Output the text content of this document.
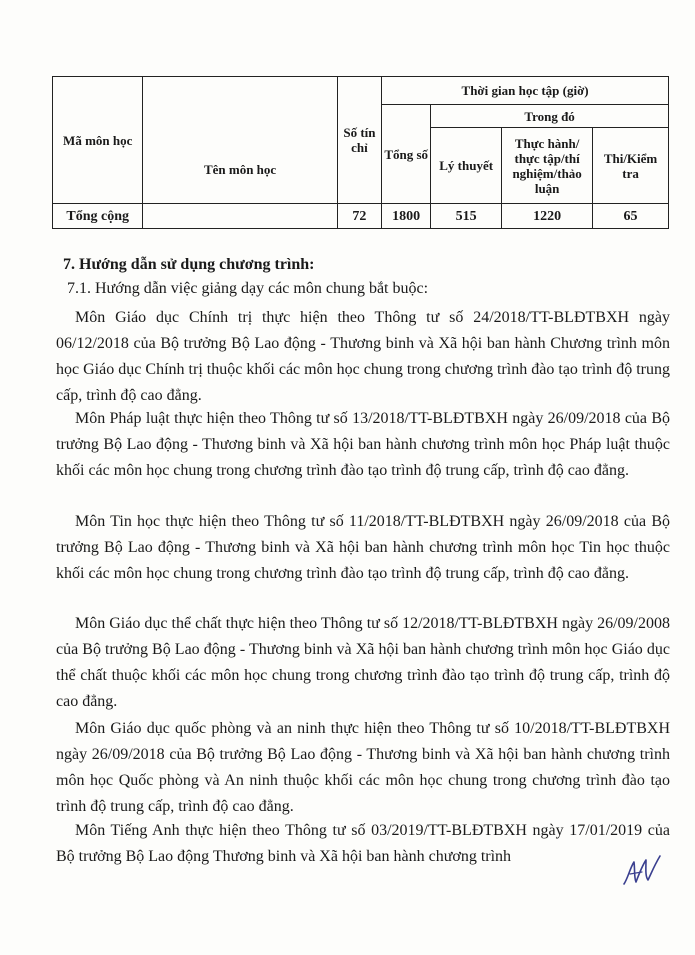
Mã môn học	Tên môn học	Số tín chỉ	Thời gian học tập (giờ)			
			Tổng số	Trong đó		
				Lý thuyết	Thực hành/ thực tập/thí nghiệm/thảo luận	Thi/Kiểm tra
Tổng cộng		72	1800	515	1220	65
7. Hướng dẫn sử dụng chương trình:
7.1. Hướng dẫn việc giảng dạy các môn chung bắt buộc:
Môn Giáo dục Chính trị thực hiện theo Thông tư số 24/2018/TT-BLĐTBXH ngày 06/12/2018 của Bộ trưởng Bộ Lao động - Thương binh và Xã hội ban hành Chương trình môn học Giáo dục Chính trị thuộc khối các môn học chung trong chương trình đào tạo trình độ trung cấp, trình độ cao đẳng.
Môn Pháp luật thực hiện theo Thông tư số 13/2018/TT-BLĐTBXH ngày 26/09/2018 của Bộ trưởng Bộ Lao động - Thương binh và Xã hội ban hành chương trình môn học Pháp luật thuộc khối các môn học chung trong chương trình đào tạo trình độ trung cấp, trình độ cao đẳng.
Môn Tin học thực hiện theo Thông tư số 11/2018/TT-BLĐTBXH ngày 26/09/2018 của Bộ trưởng Bộ Lao động - Thương binh và Xã hội ban hành chương trình môn học Tin học thuộc khối các môn học chung trong chương trình đào tạo trình độ trung cấp, trình độ cao đẳng.
Môn Giáo dục thể chất thực hiện theo Thông tư số 12/2018/TT-BLĐTBXH ngày 26/09/2008 của Bộ trưởng Bộ Lao động - Thương binh và Xã hội ban hành chương trình môn học Giáo dục thể chất thuộc khối các môn học chung trong chương trình đào tạo trình độ trung cấp, trình độ cao đẳng.
Môn Giáo dục quốc phòng và an ninh thực hiện theo Thông tư số 10/2018/TT-BLĐTBXH ngày 26/09/2018 của Bộ trưởng Bộ Lao động - Thương binh và Xã hội ban hành chương trình môn học Quốc phòng và An ninh thuộc khối các môn học chung trong chương trình đào tạo trình độ trung cấp, trình độ cao đẳng.
Môn Tiếng Anh thực hiện theo Thông tư số 03/2019/TT-BLĐTBXH ngày 17/01/2019 của Bộ trưởng Bộ Lao động Thương binh và Xã hội ban hành chương trình
